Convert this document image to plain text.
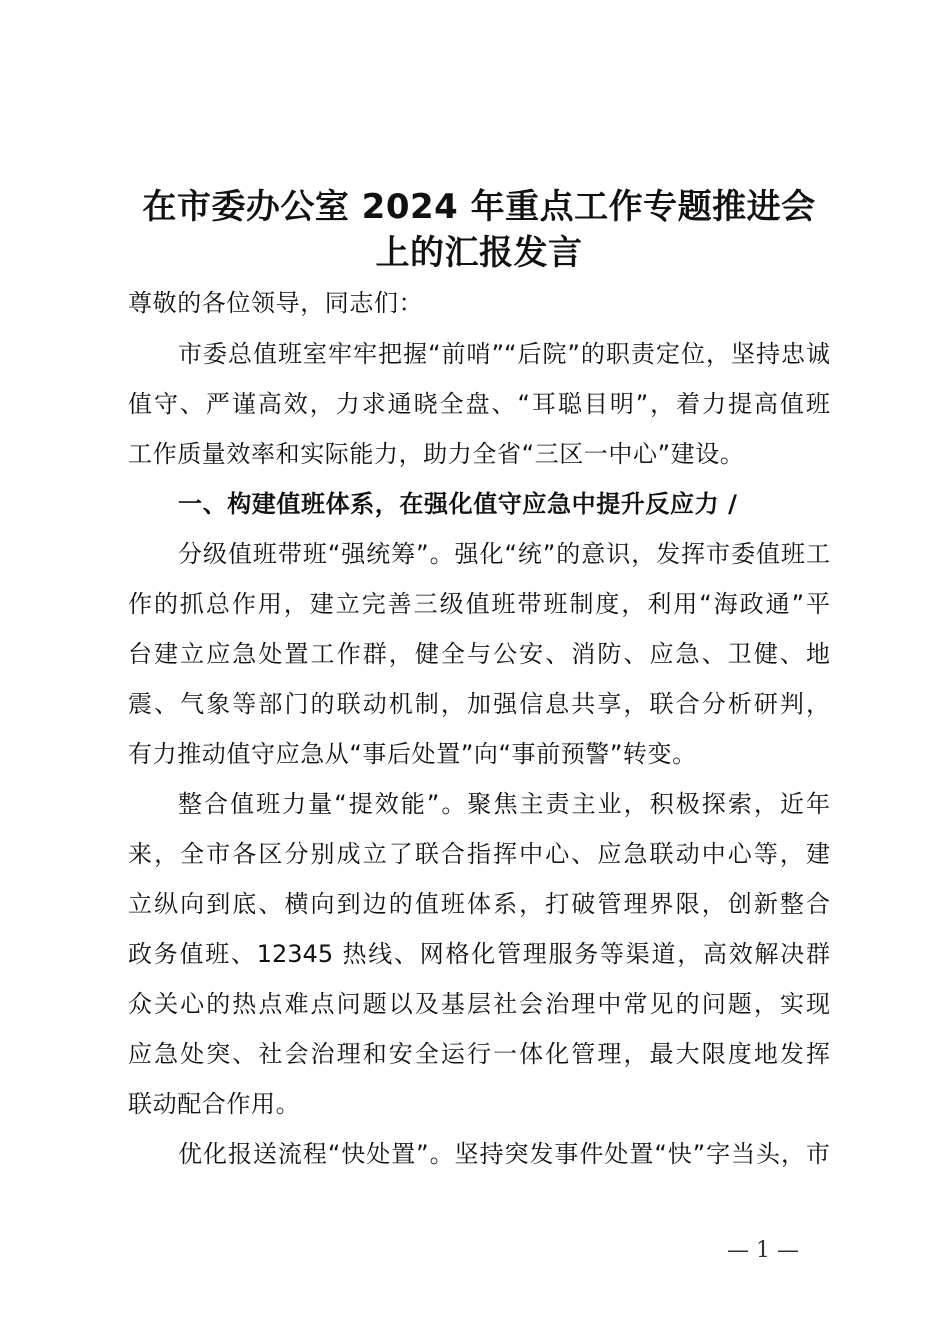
在市委办公室 2024 年重点工作专题推进会
上的汇报发言
尊敬的各位领导，同志们：
市委总值班室牢牢把握“前哨”“后院”的职责定位，坚持忠诚
值守、严谨高效，力求通晓全盘、“耳聪目明”，着力提高值班
工作质量效率和实际能力，助力全省“三区一中心”建设。
一、构建值班体系，在强化值守应急中提升反应力 /
分级值班带班“强统筹”。强化“统”的意识，发挥市委值班工
作的抓总作用，建立完善三级值班带班制度，利用“海政通”平
台建立应急处置工作群，健全与公安、消防、应急、卫健、地
震、气象等部门的联动机制，加强信息共享，联合分析研判，
有力推动值守应急从“事后处置”向“事前预警”转变。
整合值班力量“提效能”。聚焦主责主业，积极探索，近年
来，全市各区分别成立了联合指挥中心、应急联动中心等，建
立纵向到底、横向到边的值班体系，打破管理界限，创新整合
政务值班、12345 热线、网格化管理服务等渠道，高效解决群
众关心的热点难点问题以及基层社会治理中常见的问题，实现
应急处突、社会治理和安全运行一体化管理，最大限度地发挥
联动配合作用。
优化报送流程“快处置”。坚持突发事件处置“快”字当头，市
— 1 —
